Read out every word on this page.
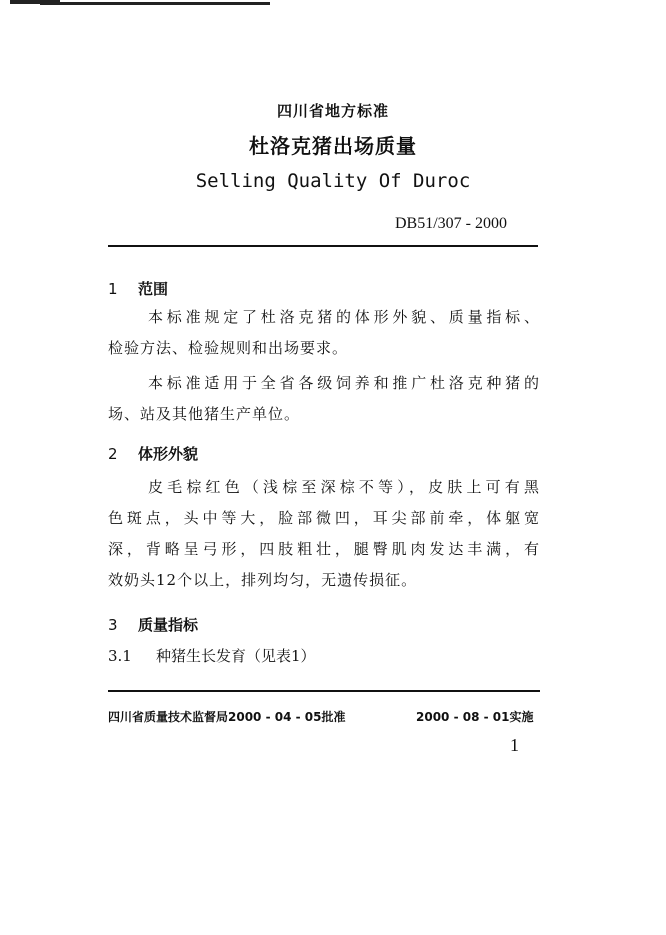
四川省地方标准
杜洛克猪出场质量
Selling Quality Of Duroc
DB51/307 - 2000
1 范围
本标准规定了杜洛克猪的体形外貌、质量指标、
检验方法、检验规则和出场要求。
本标准适用于全省各级饲养和推广杜洛克种猪的
场、站及其他猪生产单位。
2 体形外貌
皮毛棕红色（浅棕至深棕不等），皮肤上可有黑
色斑点，头中等大，脸部微凹，耳尖部前牵，体躯宽
深，背略呈弓形，四肢粗壮，腿臀肌肉发达丰满，有
效奶头12个以上，排列均匀，无遗传损征。
3 质量指标
3.1 种猪生长发育（见表1）
四川省质量技术监督局2000 - 04 - 05批准	2000 - 08 - 01实施
1
